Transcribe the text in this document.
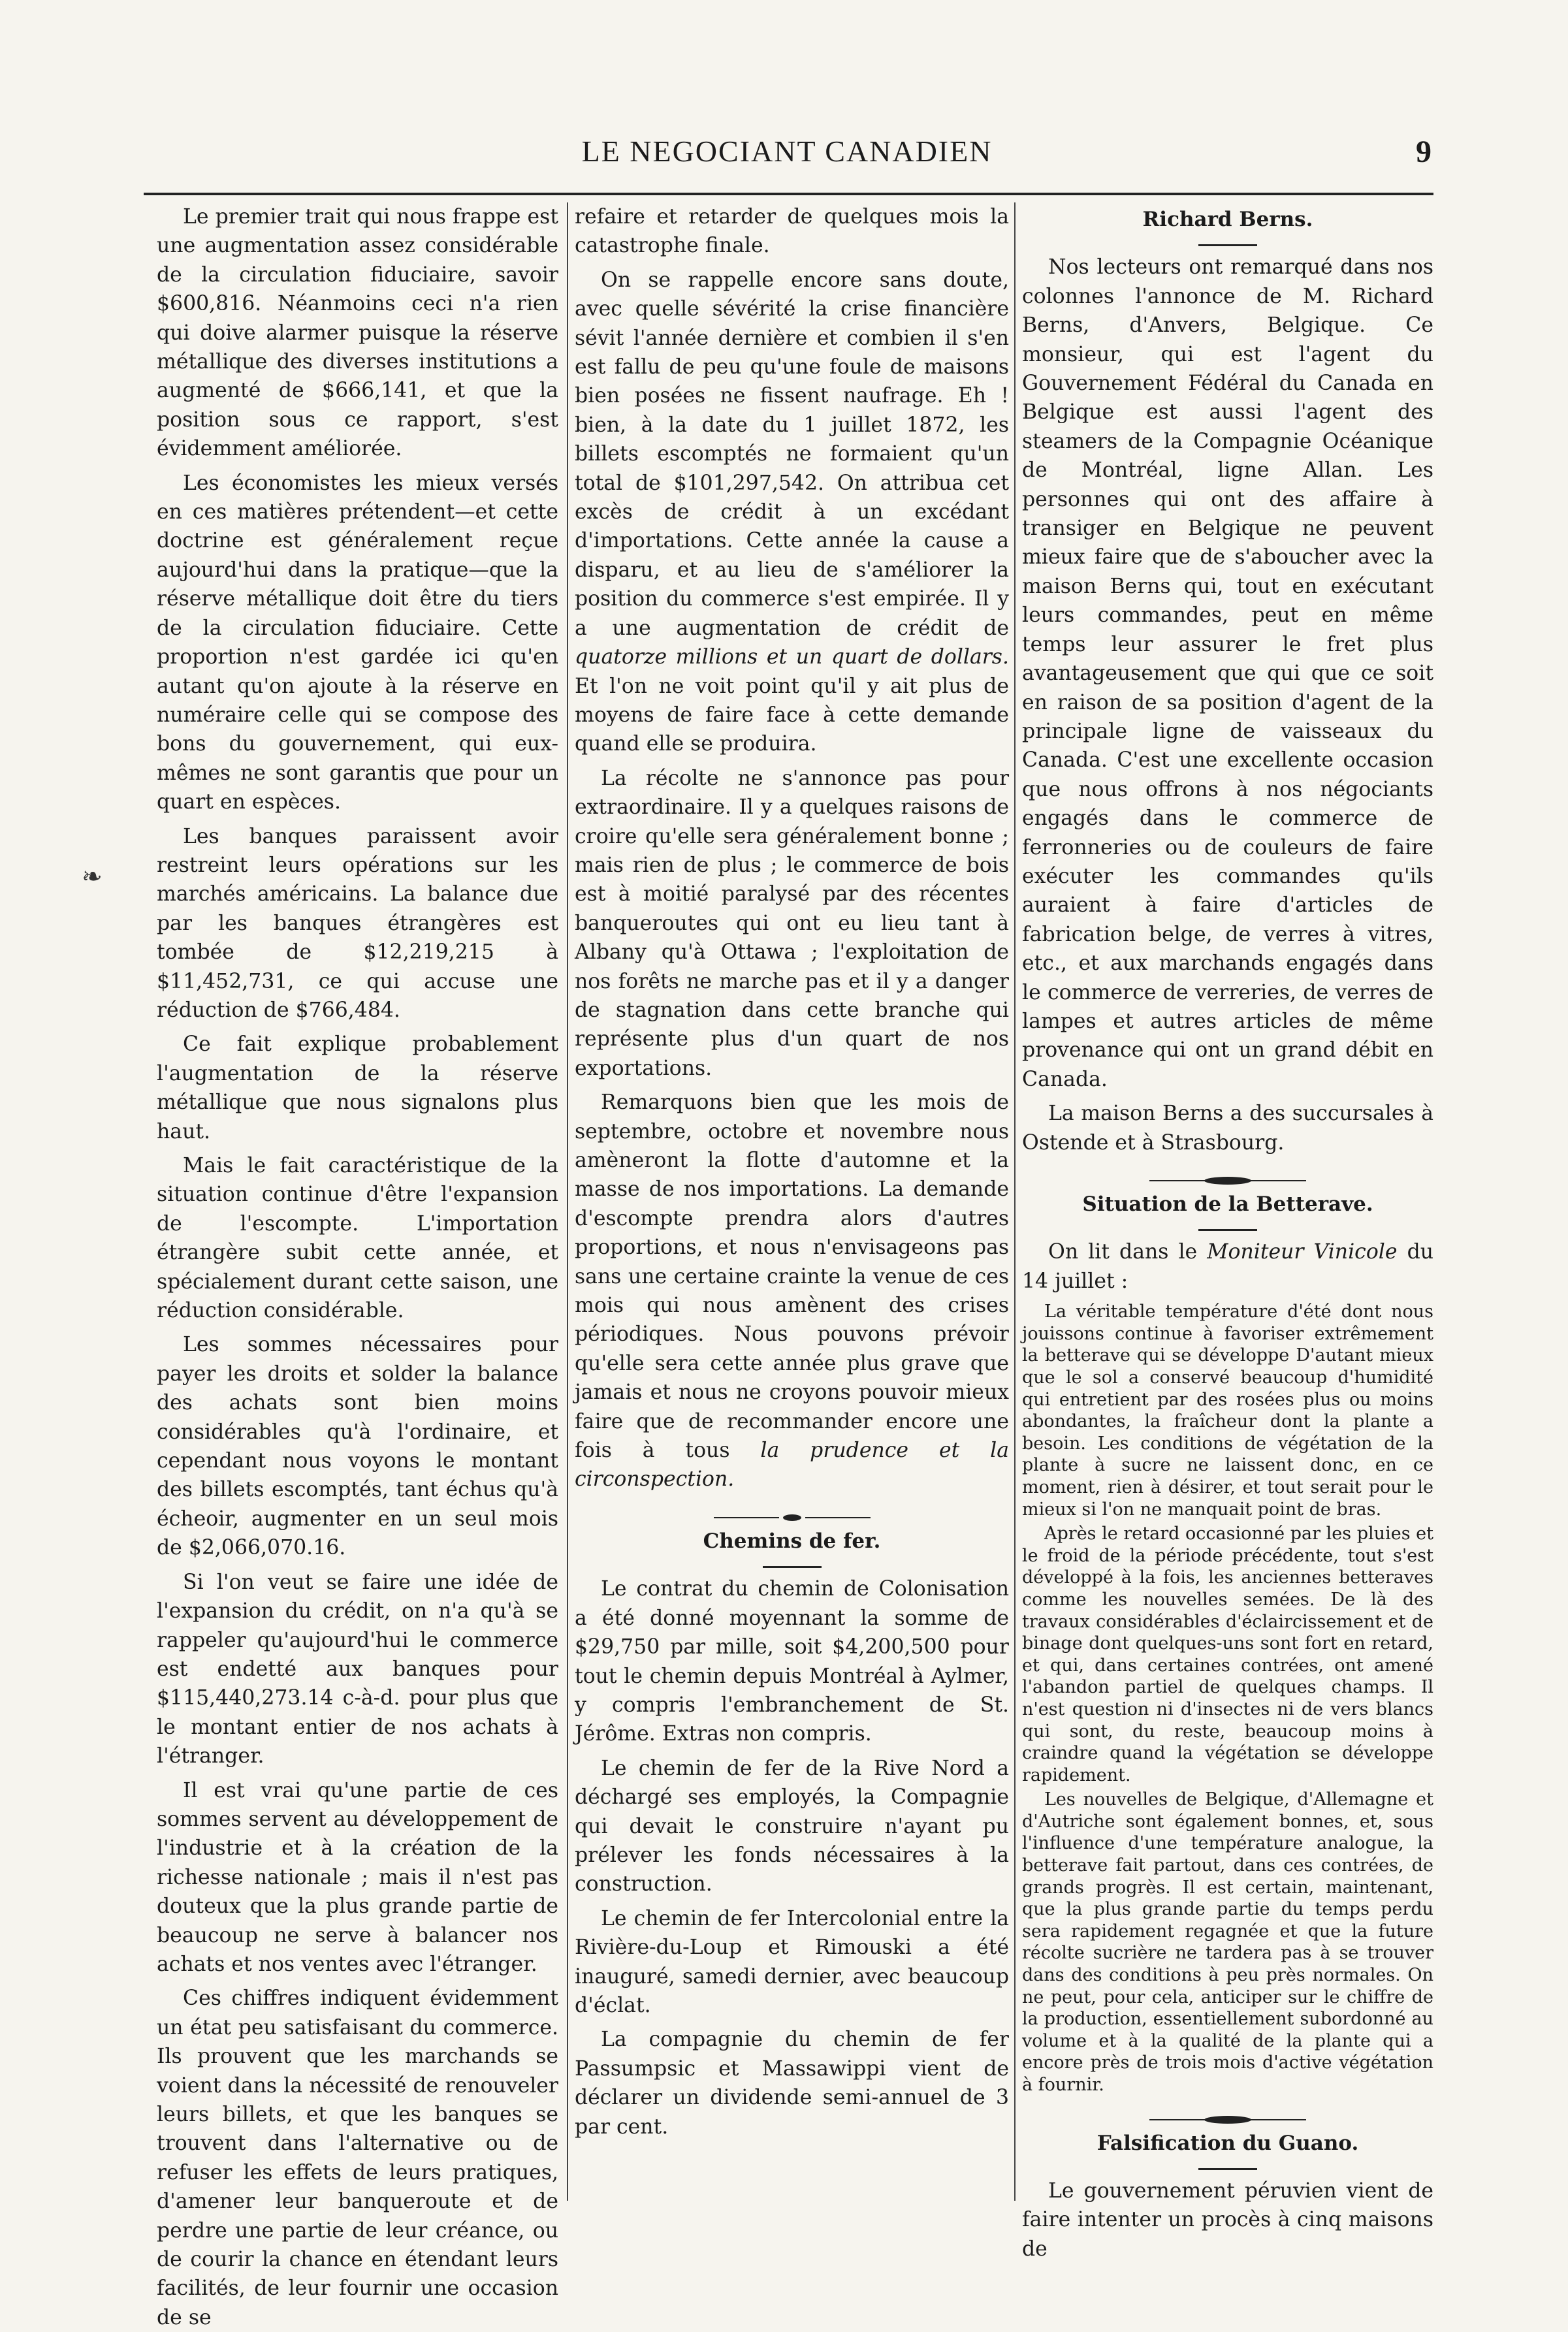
LE NEGOCIANT CANADIEN	9
❧

Le premier trait qui nous frappe est une augmentation assez considérable de la circulation fiduciaire, savoir $600,816. Néanmoins ceci n'a rien qui doive alarmer puisque la réserve métallique des diverses institutions a augmenté de $666,141, et que la position sous ce rapport, s'est évidemment améliorée.

Les économistes les mieux versés en ces matières prétendent—et cette doctrine est généralement reçue aujourd'hui dans la pratique—que la réserve métallique doit être du tiers de la circulation fiduciaire. Cette proportion n'est gardée ici qu'en autant qu'on ajoute à la réserve en numéraire celle qui se compose des bons du gouvernement, qui eux-mêmes ne sont garantis que pour un quart en espèces.

Les banques paraissent avoir restreint leurs opérations sur les marchés américains. La balance due par les banques étrangères est tombée de $12,219,215 à $11,452,731, ce qui accuse une réduction de $766,484.

Ce fait explique probablement l'augmentation de la réserve métallique que nous signalons plus haut.

Mais le fait caractéristique de la situation continue d'être l'expansion de l'escompte. L'importation étrangère subit cette année, et spécialement durant cette saison, une réduction considérable.

Les sommes nécessaires pour payer les droits et solder la balance des achats sont bien moins considérables qu'à l'ordinaire, et cependant nous voyons le montant des billets escomptés, tant échus qu'à écheoir, augmenter en un seul mois de $2,066,070.16.

Si l'on veut se faire une idée de l'expansion du crédit, on n'a qu'à se rappeler qu'aujourd'hui le commerce est endetté aux banques pour $115,440,273.14 c-à-d. pour plus que le montant entier de nos achats à l'étranger.

Il est vrai qu'une partie de ces sommes servent au développement de l'industrie et à la création de la richesse nationale ; mais il n'est pas douteux que la plus grande partie de beaucoup ne serve à balancer nos achats et nos ventes avec l'étranger.

Ces chiffres indiquent évidemment un état peu satisfaisant du commerce. Ils prouvent que les marchands se voient dans la nécessité de renouveler leurs billets, et que les banques se trouvent dans l'alternative ou de refuser les effets de leurs pratiques, d'amener leur banqueroute et de perdre une partie de leur créance, ou de courir la chance en étendant leurs facilités, de leur fournir une occasion de se

refaire et retarder de quelques mois la catastrophe finale.

On se rappelle encore sans doute, avec quelle sévérité la crise financière sévit l'année dernière et combien il s'en est fallu de peu qu'une foule de maisons bien posées ne fissent naufrage. Eh ! bien, à la date du 1 juillet 1872, les billets escomptés ne formaient qu'un total de $101,297,542. On attribua cet excès de crédit à un excédant d'importations. Cette année la cause a disparu, et au lieu de s'améliorer la position du commerce s'est empirée. Il y a une augmentation de crédit de quatorze millions et un quart de dollars. Et l'on ne voit point qu'il y ait plus de moyens de faire face à cette demande quand elle se produira.

La récolte ne s'annonce pas pour extraordinaire. Il y a quelques raisons de croire qu'elle sera généralement bonne ; mais rien de plus ; le commerce de bois est à moitié paralysé par des récentes banqueroutes qui ont eu lieu tant à Albany qu'à Ottawa ; l'exploitation de nos forêts ne marche pas et il y a danger de stagnation dans cette branche qui représente plus d'un quart de nos exportations.

Remarquons bien que les mois de septembre, octobre et novembre nous amèneront la flotte d'automne et la masse de nos importations. La demande d'escompte prendra alors d'autres proportions, et nous n'envisageons pas sans une certaine crainte la venue de ces mois qui nous amènent des crises périodiques. Nous pouvons prévoir qu'elle sera cette année plus grave que jamais et nous ne croyons pouvoir mieux faire que de recommander encore une fois à tous la prudence et la circonspection.

Chemins de fer.

Le contrat du chemin de Colonisation a été donné moyennant la somme de $29,750 par mille, soit $4,200,500 pour tout le chemin depuis Montréal à Aylmer, y compris l'embranchement de St. Jérôme. Extras non compris.

Le chemin de fer de la Rive Nord a déchargé ses employés, la Compagnie qui devait le construire n'ayant pu prélever les fonds nécessaires à la construction.

Le chemin de fer Intercolonial entre la Rivière-du-Loup et Rimouski a été inauguré, samedi dernier, avec beaucoup d'éclat.

La compagnie du chemin de fer Passumpsic et Massawippi vient de déclarer un dividende semi-annuel de 3 par cent.

Richard Berns.

Nos lecteurs ont remarqué dans nos colonnes l'annonce de M. Richard Berns, d'Anvers, Belgique. Ce monsieur, qui est l'agent du Gouvernement Fédéral du Canada en Belgique est aussi l'agent des steamers de la Compagnie Océanique de Montréal, ligne Allan. Les personnes qui ont des affaire à transiger en Belgique ne peuvent mieux faire que de s'aboucher avec la maison Berns qui, tout en exécutant leurs commandes, peut en même temps leur assurer le fret plus avantageusement que qui que ce soit en raison de sa position d'agent de la principale ligne de vaisseaux du Canada. C'est une excellente occasion que nous offrons à nos négociants engagés dans le commerce de ferronneries ou de couleurs de faire exécuter les commandes qu'ils auraient à faire d'articles de fabrication belge, de verres à vitres, etc., et aux marchands engagés dans le commerce de verreries, de verres de lampes et autres articles de même provenance qui ont un grand débit en Canada.

La maison Berns a des succursales à Ostende et à Strasbourg.

Situation de la Betterave.

On lit dans le Moniteur Vinicole du 14 juillet :

La véritable température d'été dont nous jouissons continue à favoriser extrêmement la betterave qui se développe D'autant mieux que le sol a conservé beaucoup d'humidité qui entretient par des rosées plus ou moins abondantes, la fraîcheur dont la plante a besoin. Les conditions de végétation de la plante à sucre ne laissent donc, en ce moment, rien à désirer, et tout serait pour le mieux si l'on ne manquait point de bras.

Après le retard occasionné par les pluies et le froid de la période précédente, tout s'est développé à la fois, les anciennes betteraves comme les nouvelles semées. De là des travaux considérables d'éclaircissement et de binage dont quelques-uns sont fort en retard, et qui, dans certaines contrées, ont amené l'abandon partiel de quelques champs. Il n'est question ni d'insectes ni de vers blancs qui sont, du reste, beaucoup moins à craindre quand la végétation se développe rapidement.

Les nouvelles de Belgique, d'Allemagne et d'Autriche sont également bonnes, et, sous l'influence d'une température analogue, la betterave fait partout, dans ces contrées, de grands progrès. Il est certain, maintenant, que la plus grande partie du temps perdu sera rapidement regagnée et que la future récolte sucrière ne tardera pas à se trouver dans des conditions à peu près normales. On ne peut, pour cela, anticiper sur le chiffre de la production, essentiellement subordonné au volume et à la qualité de la plante qui a encore près de trois mois d'active végétation à fournir.

Falsification du Guano.

Le gouvernement péruvien vient de faire intenter un procès à cinq maisons de
